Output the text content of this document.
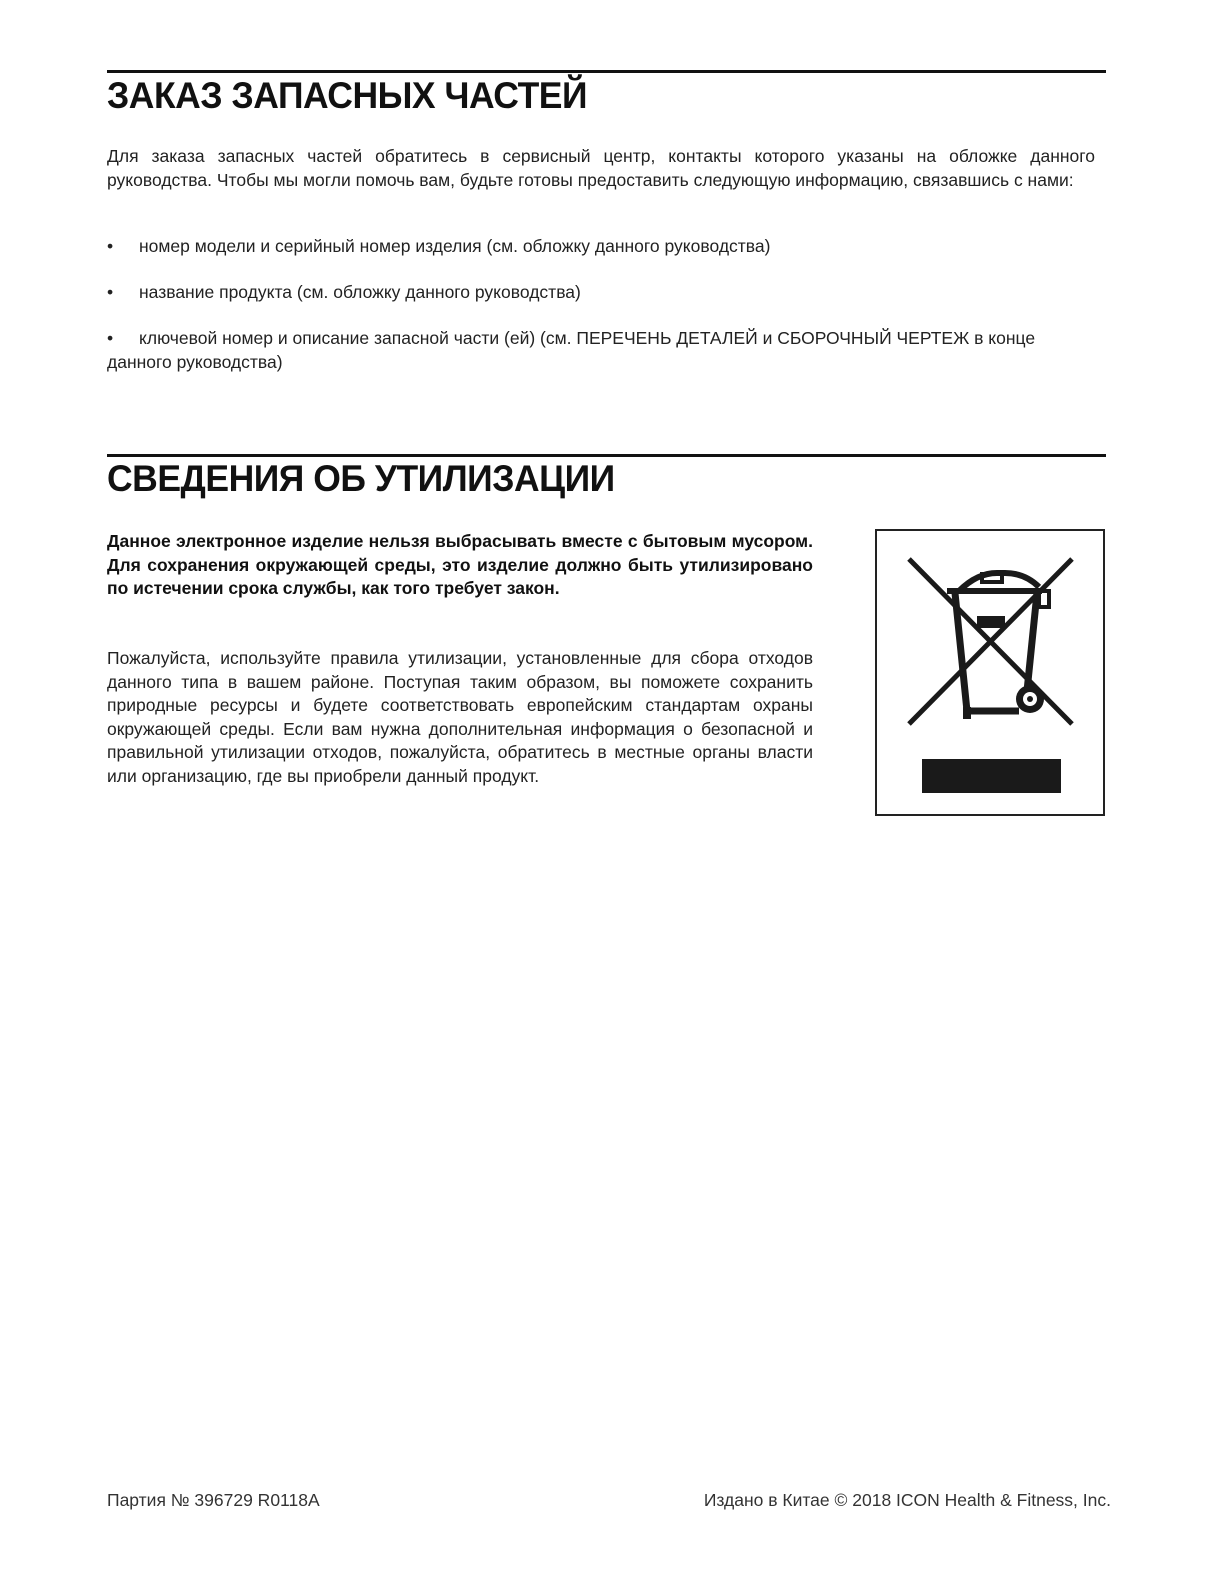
ЗАКАЗ ЗАПАСНЫХ ЧАСТЕЙ

Для заказа запасных частей обратитесь в сервисный центр, контакты которого указаны на обложке данного руководства. Чтобы мы могли помочь вам, будьте готовы предоставить следующую информацию, связавшись с нами:

• номер модели и серийный номер изделия (см. обложку данного руководства)

• название продукта (см. обложку данного руководства)

• ключевой номер и описание запасной части (ей) (см. ПЕРЕЧЕНЬ ДЕТАЛЕЙ и СБОРОЧНЫЙ ЧЕРТЕЖ в конце данного руководства)

СВЕДЕНИЯ ОБ УТИЛИЗАЦИИ

Данное электронное изделие нельзя выбрасывать вместе с бытовым мусором. Для сохранения окружающей среды, это изделие должно быть утилизировано по истечении срока службы, как того требует закон.

Пожалуйста, используйте правила утилизации, установленные для сбора отходов данного типа в вашем районе. Поступая таким образом, вы поможете сохранить природные ресурсы и будете соответствовать европейским стандартам охраны окружающей среды. Если вам нужна дополнительная информация о безопасной и правильной утилизации отходов, пожалуйста, обратитесь в местные органы власти или организацию, где вы приобрели данный продукт.

Партия № 396729 R0118A	Издано в Китае © 2018 ICON Health & Fitness, Inc.
